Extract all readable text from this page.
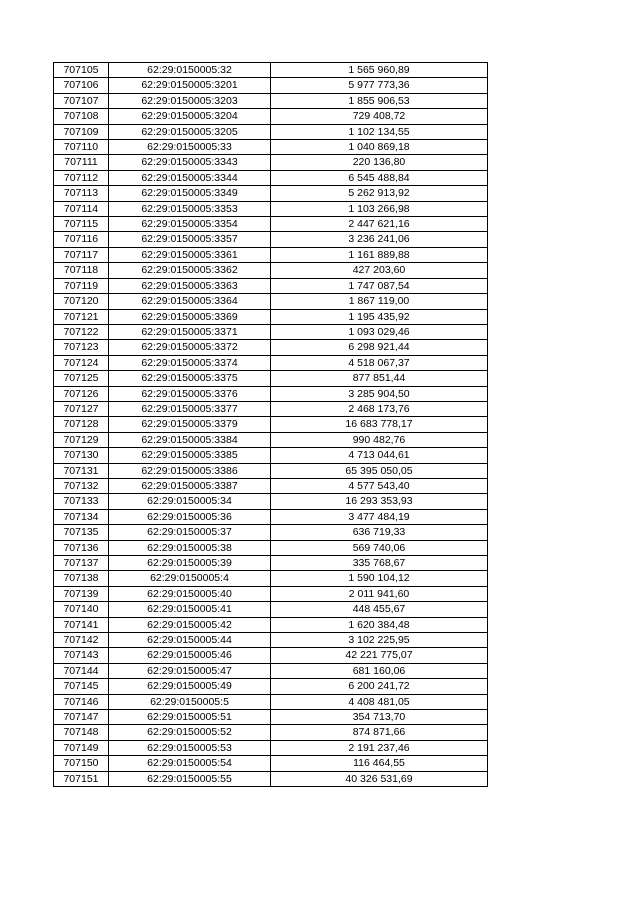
707105	62:29:0150005:32	1 565 960,89
707106	62:29:0150005:3201	5 977 773,36
707107	62:29:0150005:3203	1 855 906,53
707108	62:29:0150005:3204	729 408,72
707109	62:29:0150005:3205	1 102 134,55
707110	62:29:0150005:33	1 040 869,18
707111	62:29:0150005:3343	220 136,80
707112	62:29:0150005:3344	6 545 488,84
707113	62:29:0150005:3349	5 262 913,92
707114	62:29:0150005:3353	1 103 266,98
707115	62:29:0150005:3354	2 447 621,16
707116	62:29:0150005:3357	3 236 241,06
707117	62:29:0150005:3361	1 161 889,88
707118	62:29:0150005:3362	427 203,60
707119	62:29:0150005:3363	1 747 087,54
707120	62:29:0150005:3364	1 867 119,00
707121	62:29:0150005:3369	1 195 435,92
707122	62:29:0150005:3371	1 093 029,46
707123	62:29:0150005:3372	6 298 921,44
707124	62:29:0150005:3374	4 518 067,37
707125	62:29:0150005:3375	877 851,44
707126	62:29:0150005:3376	3 285 904,50
707127	62:29:0150005:3377	2 468 173,76
707128	62:29:0150005:3379	16 683 778,17
707129	62:29:0150005:3384	990 482,76
707130	62:29:0150005:3385	4 713 044,61
707131	62:29:0150005:3386	65 395 050,05
707132	62:29:0150005:3387	4 577 543,40
707133	62:29:0150005:34	16 293 353,93
707134	62:29:0150005:36	3 477 484,19
707135	62:29:0150005:37	636 719,33
707136	62:29:0150005:38	569 740,06
707137	62:29:0150005:39	335 768,67
707138	62:29:0150005:4	1 590 104,12
707139	62:29:0150005:40	2 011 941,60
707140	62:29:0150005:41	448 455,67
707141	62:29:0150005:42	1 620 384,48
707142	62:29:0150005:44	3 102 225,95
707143	62:29:0150005:46	42 221 775,07
707144	62:29:0150005:47	681 160,06
707145	62:29:0150005:49	6 200 241,72
707146	62:29:0150005:5	4 408 481,05
707147	62:29:0150005:51	354 713,70
707148	62:29:0150005:52	874 871,66
707149	62:29:0150005:53	2 191 237,46
707150	62:29:0150005:54	116 464,55
707151	62:29:0150005:55	40 326 531,69
